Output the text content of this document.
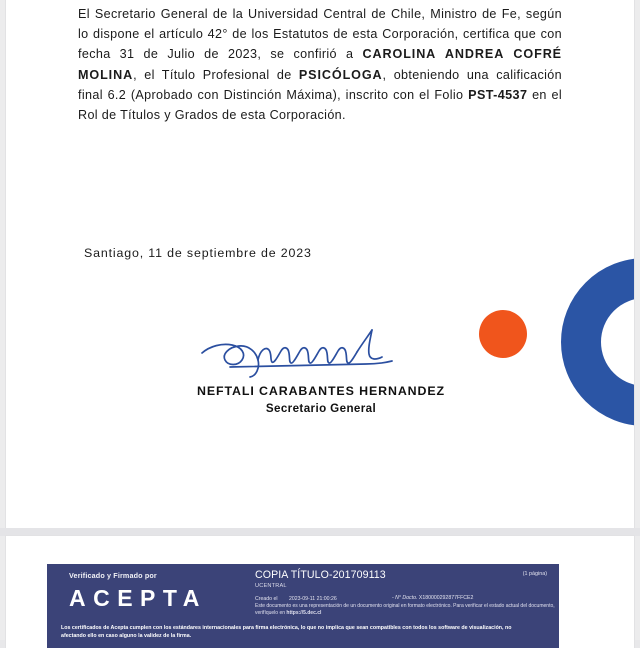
El Secretario General de la Universidad Central de Chile, Ministro de Fe, según lo dispone el artículo 42° de los Estatutos de esta Corporación, certifica que con fecha 31 de Julio de 2023, se confirió a CAROLINA ANDREA COFRÉ MOLINA, el Título Profesional de PSICÓLOGA, obteniendo una calificación final 6.2 (Aprobado con Distinción Máxima), inscrito con el Folio PST-4537 en el Rol de Títulos y Grados de esta Corporación.
Santiago, 11 de septiembre de 2023
NEFTALI CARABANTES HERNANDEZ
Secretario General
Verificado y Firmado por
ACEPTA
(1 página)
COPIA TÍTULO-201709113
UCENTRAL
Creado el	2023-09-11 21:00:26
Este documento es una representación de un documento original en formato electrónico. Para verificar el estado actual del documento,
verifíquelo en https://5.dec.cl
- N° Docto. X180000292877FFCE2
Los certificados de Acepta cumplen con los estándares internacionales para firma electrónica, lo que no implica que sean compatibles con todos los software de visualización, no
afectando ello en caso alguno la validez de la firma.
